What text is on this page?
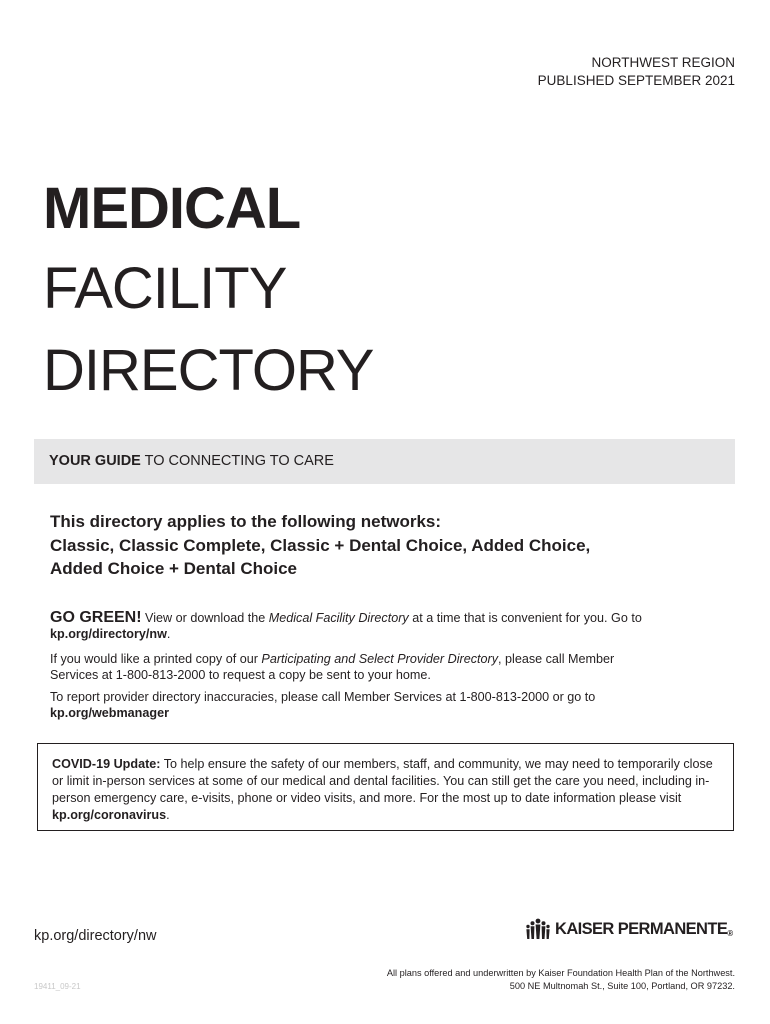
NORTHWEST REGION
PUBLISHED SEPTEMBER 2021
MEDICAL
FACILITY
DIRECTORY
YOUR GUIDE TO CONNECTING TO CARE
This directory applies to the following networks:
Classic, Classic Complete, Classic + Dental Choice, Added Choice,
Added Choice + Dental Choice
GO GREEN! View or download the Medical Facility Directory at a time that is convenient for you. Go to kp.org/directory/nw.
If you would like a printed copy of our Participating and Select Provider Directory, please call Member Services at 1-800-813-2000 to request a copy be sent to your home.
To report provider directory inaccuracies, please call Member Services at 1-800-813-2000 or go to kp.org/webmanager
COVID-19 Update: To help ensure the safety of our members, staff, and community, we may need to temporarily close or limit in-person services at some of our medical and dental facilities. You can still get the care you need, including in-person emergency care, e-visits, phone or video visits, and more. For the most up to date information please visit kp.org/coronavirus.
kp.org/directory/nw	KAISER PERMANENTE®
19411_09-21
All plans offered and underwritten by Kaiser Foundation Health Plan of the Northwest.
500 NE Multnomah St., Suite 100, Portland, OR 97232.
